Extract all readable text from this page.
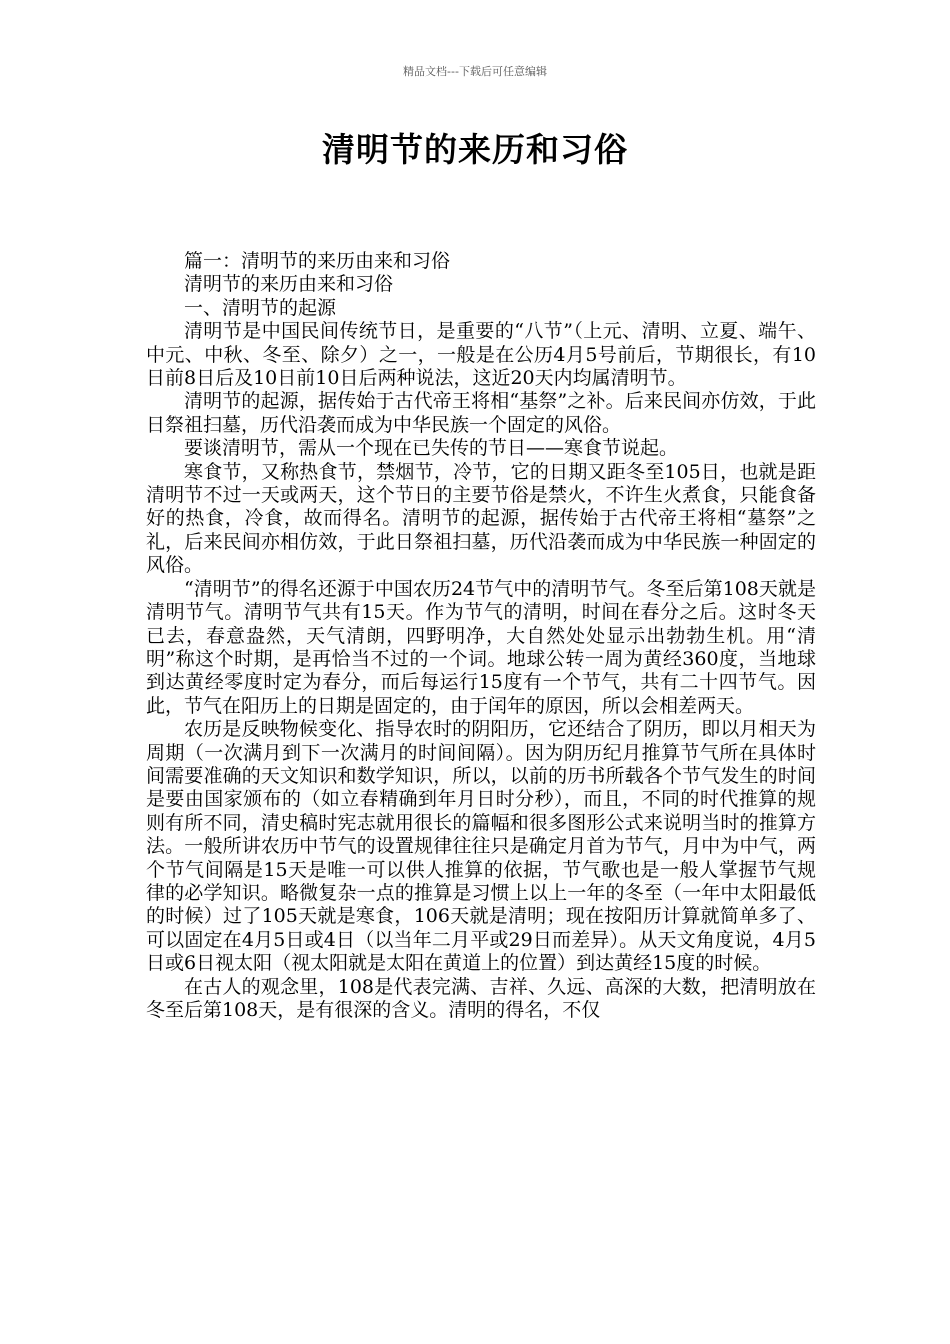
精品文档---下载后可任意编辑
清明节的来历和习俗

篇一：清明节的来历由来和习俗

清明节的来历由来和习俗

一、清明节的起源

清明节是中国民间传统节日，是重要的“八节”（上元、清明、立夏、端午、中元、中秋、冬至、除夕）之一，一般是在公历4月5号前后，节期很长，有10日前8日后及10日前10日后两种说法，这近20天内均属清明节。

清明节的起源，据传始于古代帝王将相“基祭”之补。后来民间亦仿效，于此日祭祖扫墓，历代沿袭而成为中华民族一个固定的风俗。

要谈清明节，需从一个现在已失传的节日——寒食节说起。

寒食节，又称热食节，禁烟节，冷节，它的日期又距冬至105日，也就是距清明节不过一天或两天，这个节日的主要节俗是禁火，不许生火煮食，只能食备好的热食，冷食，故而得名。清明节的起源，据传始于古代帝王将相“墓祭”之礼，后来民间亦相仿效，于此日祭祖扫墓，历代沿袭而成为中华民族一种固定的风俗。

“清明节”的得名还源于中国农历24节气中的清明节气。冬至后第108天就是清明节气。清明节气共有15天。作为节气的清明，时间在春分之后。这时冬天已去，春意盎然，天气清朗，四野明净，大自然处处显示出勃勃生机。用“清明”称这个时期，是再恰当不过的一个词。地球公转一周为黄经360度，当地球到达黄经零度时定为春分，而后每运行15度有一个节气，共有二十四节气。因此，节气在阳历上的日期是固定的，由于闰年的原因，所以会相差两天。

农历是反映物候变化、指导农时的阴阳历，它还结合了阴历，即以月相天为周期（一次满月到下一次满月的时间间隔）。因为阴历纪月推算节气所在具体时间需要准确的天文知识和数学知识，所以，以前的历书所载各个节气发生的时间是要由国家颁布的（如立春精确到年月日时分秒），而且，不同的时代推算的规则有所不同，清史稿时宪志就用很长的篇幅和很多图形公式来说明当时的推算方法。一般所讲农历中节气的设置规律往往只是确定月首为节气，月中为中气，两个节气间隔是15天是唯一可以供人推算的依据，节气歌也是一般人掌握节气规律的必学知识。略微复杂一点的推算是习惯上以上一年的冬至（一年中太阳最低的时候）过了105天就是寒食，106天就是清明；现在按阳历计算就简单多了、可以固定在4月5日或4日（以当年二月平或29日而差异）。从天文角度说，4月5日或6日视太阳（视太阳就是太阳在黄道上的位置）到达黄经15度的时候。

在古人的观念里，108是代表完满、吉祥、久远、高深的大数，把清明放在冬至后第108天，是有很深的含义。清明的得名，不仅
